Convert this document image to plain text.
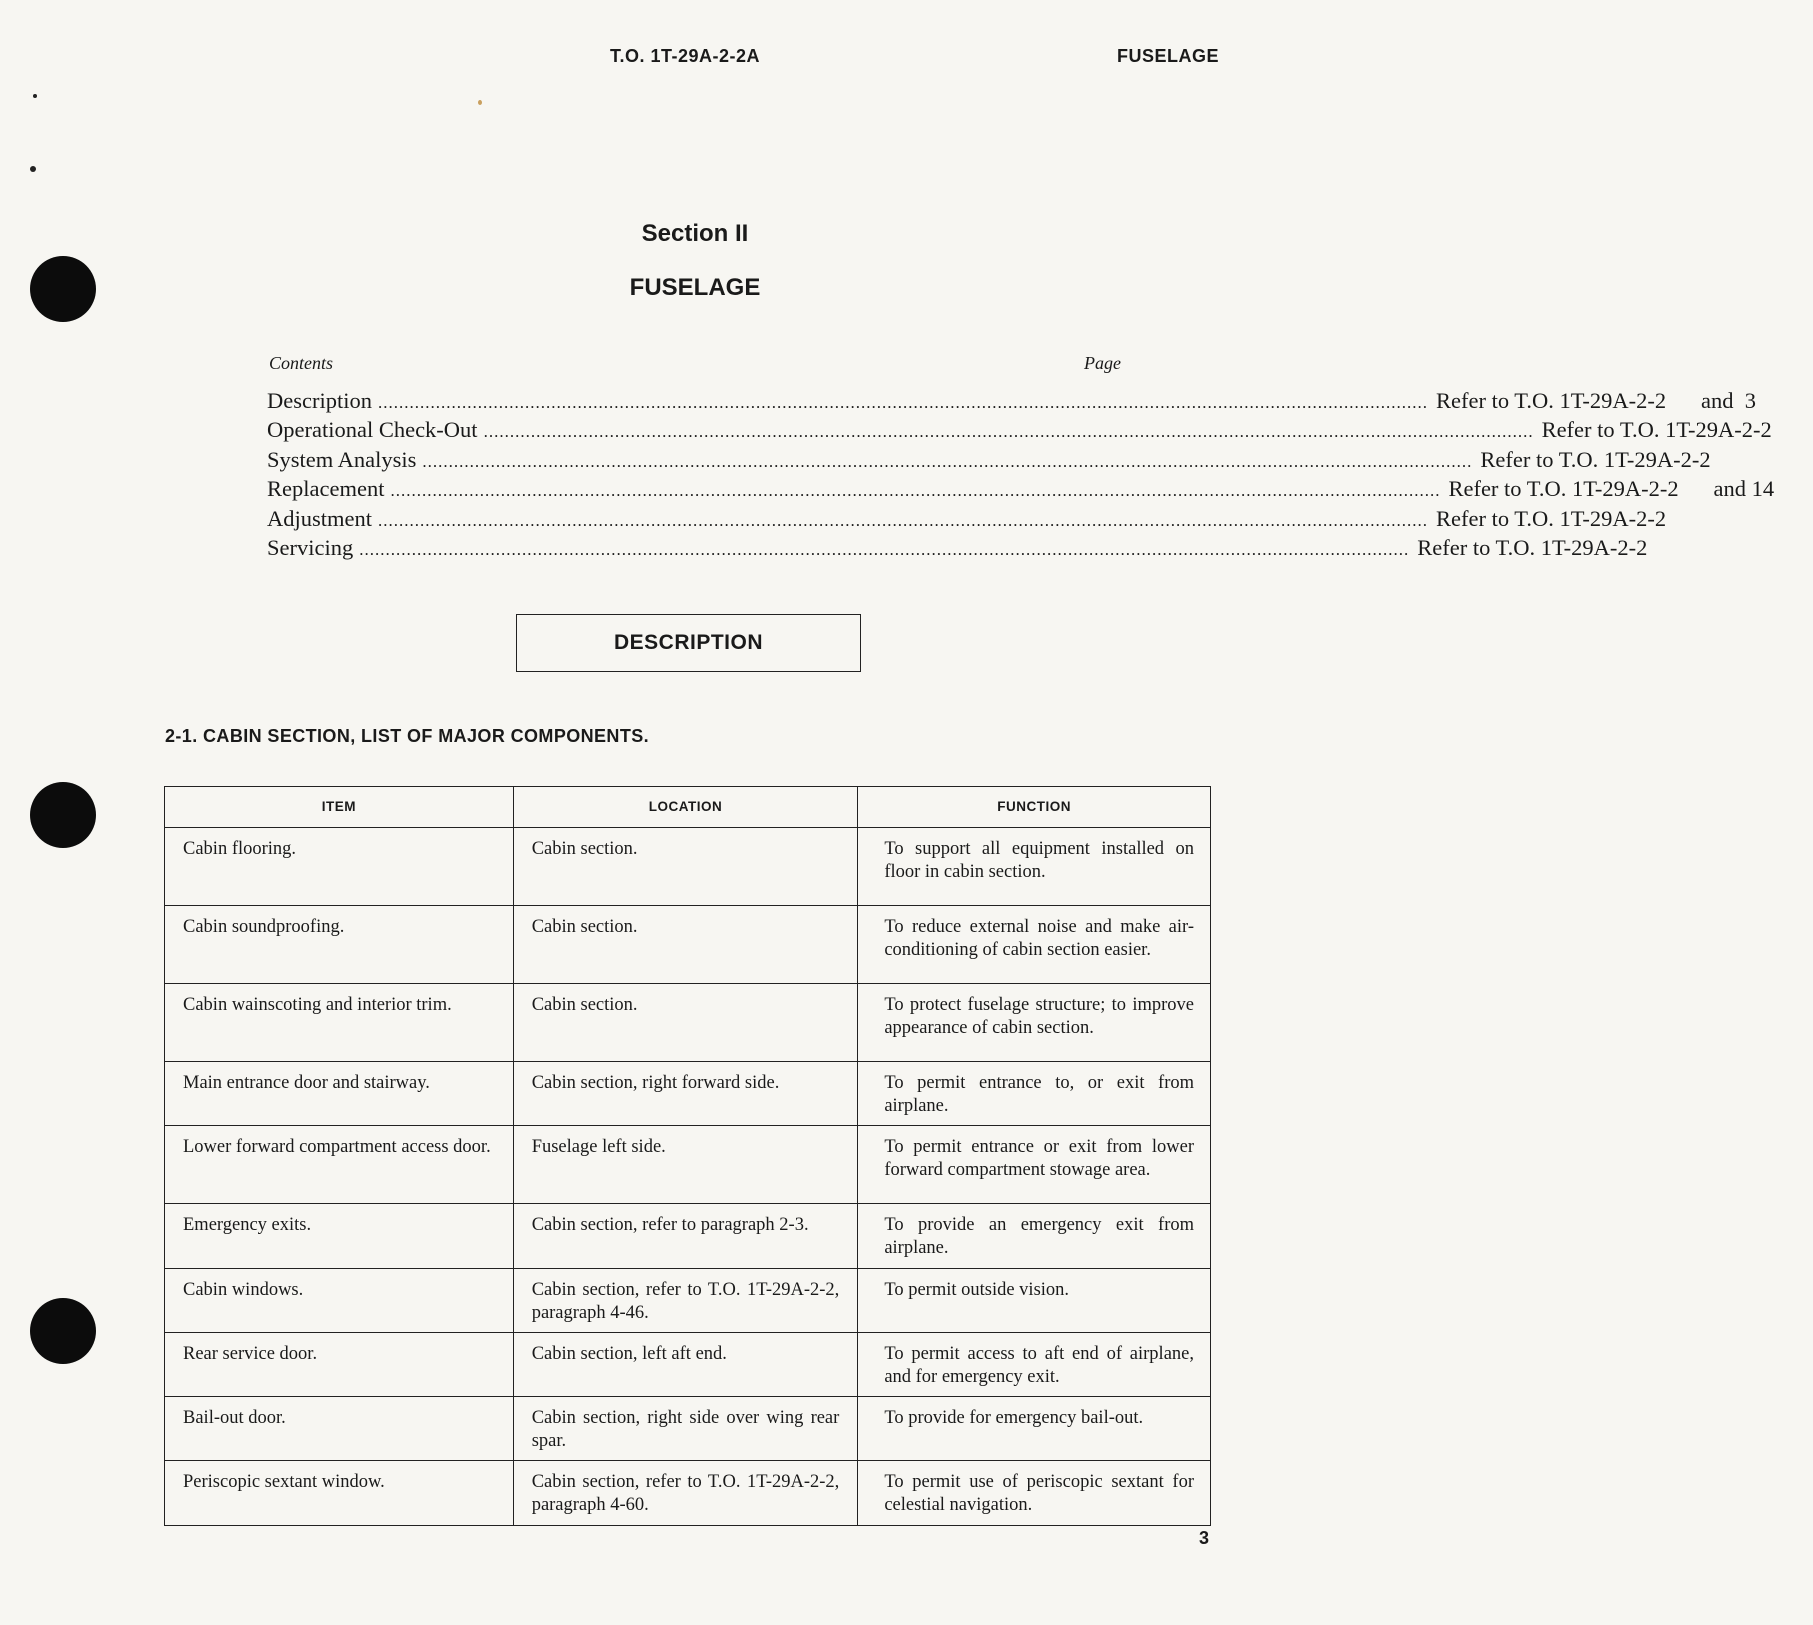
T.O. 1T-29A-2-2A	FUSELAGE
Section II
FUSELAGE
Contents	Page
Description ........................................................................................................................................................................................................ Refer to T.O. 1T-29A-2-2	and  3
Operational Check-Out ........................................................................................................................................................................................................ Refer to T.O. 1T-29A-2-2
System Analysis ........................................................................................................................................................................................................ Refer to T.O. 1T-29A-2-2
Replacement ........................................................................................................................................................................................................ Refer to T.O. 1T-29A-2-2	and 14
Adjustment ........................................................................................................................................................................................................ Refer to T.O. 1T-29A-2-2
Servicing ........................................................................................................................................................................................................ Refer to T.O. 1T-29A-2-2
DESCRIPTION
2-1. CABIN SECTION, LIST OF MAJOR COMPONENTS.
ITEM	LOCATION	FUNCTION
Cabin flooring.	Cabin section.	To support all equipment installed on floor in cabin section.
Cabin soundproofing.	Cabin section.	To reduce external noise and make air-conditioning of cabin section easier.
Cabin wainscoting and interior trim.	Cabin section.	To protect fuselage structure; to improve appearance of cabin section.
Main entrance door and stairway.	Cabin section, right forward side.	To permit entrance to, or exit from airplane.
Lower forward compartment access door.	Fuselage left side.	To permit entrance or exit from lower forward compartment stowage area.
Emergency exits.	Cabin section, refer to paragraph 2-3.	To provide an emergency exit from airplane.
Cabin windows.	Cabin section, refer to T.O. 1T-29A-2-2, paragraph 4-46.	To permit outside vision.
Rear service door.	Cabin section, left aft end.	To permit access to aft end of airplane, and for emergency exit.
Bail-out door.	Cabin section, right side over wing rear spar.	To provide for emergency bail-out.
Periscopic sextant window.	Cabin section, refer to T.O. 1T-29A-2-2, paragraph 4-60.	To permit use of periscopic sextant for celestial navigation.
3
